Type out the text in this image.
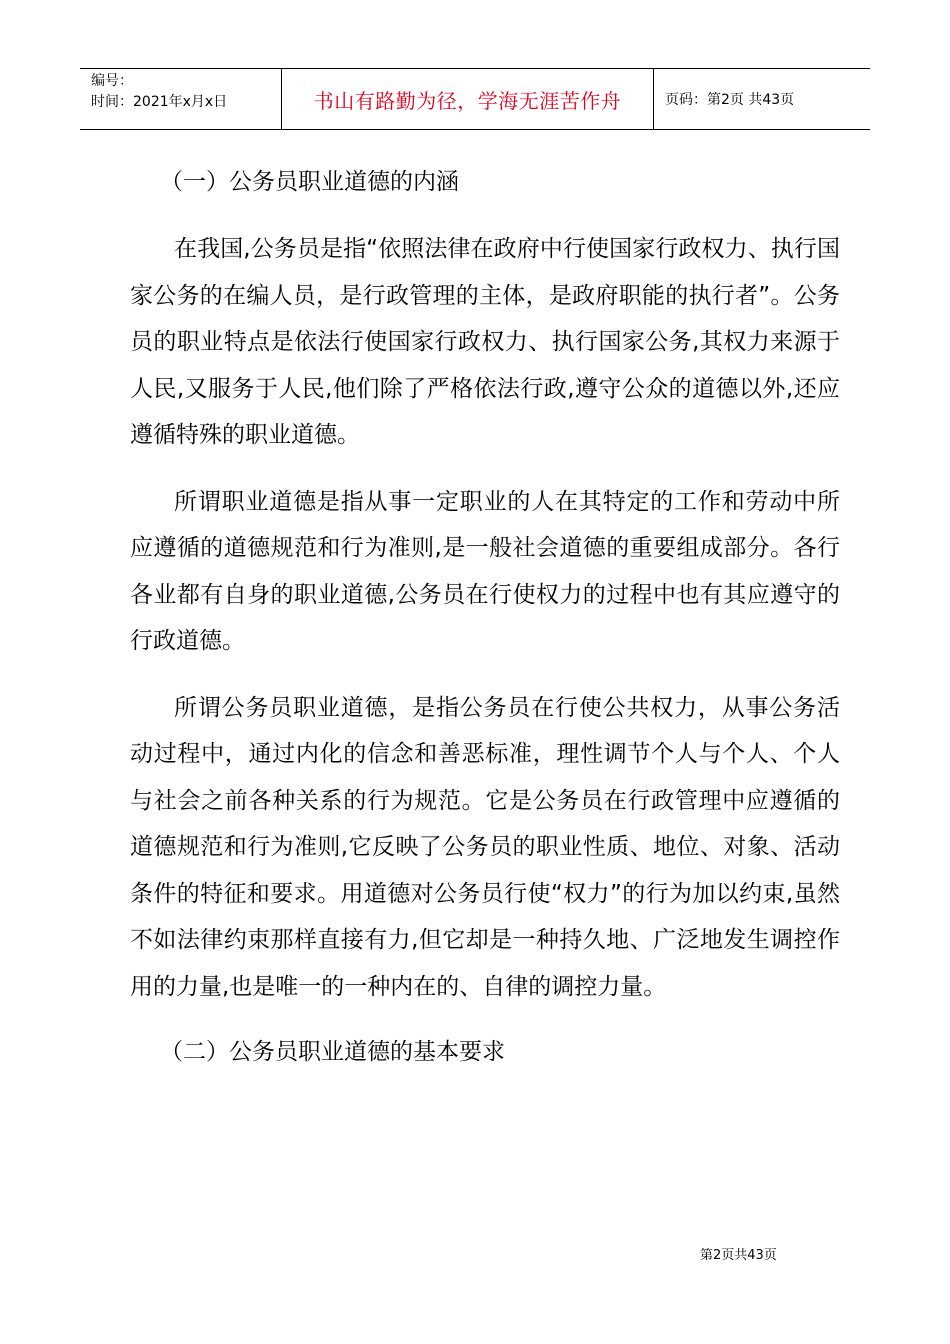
编号：
时间：2021年x月x日	书山有路勤为径，学海无涯苦作舟	页码：第2页 共43页

（一）公务员职业道德的内涵

在我国,公务员是指“依照法律在政府中行使国家行政权力、执行国家公务的在编人员，是行政管理的主体，是政府职能的执行者”。公务员的职业特点是依法行使国家行政权力、执行国家公务,其权力来源于人民,又服务于人民,他们除了严格依法行政,遵守公众的道德以外,还应遵循特殊的职业道德。

所谓职业道德是指从事一定职业的人在其特定的工作和劳动中所应遵循的道德规范和行为准则,是一般社会道德的重要组成部分。各行各业都有自身的职业道德,公务员在行使权力的过程中也有其应遵守的行政道德。

所谓公务员职业道德，是指公务员在行使公共权力，从事公务活动过程中，通过内化的信念和善恶标准，理性调节个人与个人、个人与社会之前各种关系的行为规范。它是公务员在行政管理中应遵循的道德规范和行为准则,它反映了公务员的职业性质、地位、对象、活动条件的特征和要求。用道德对公务员行使“权力”的行为加以约束,虽然不如法律约束那样直接有力,但它却是一种持久地、广泛地发生调控作用的力量,也是唯一的一种内在的、自律的调控力量。

（二）公务员职业道德的基本要求

第2页共43页
